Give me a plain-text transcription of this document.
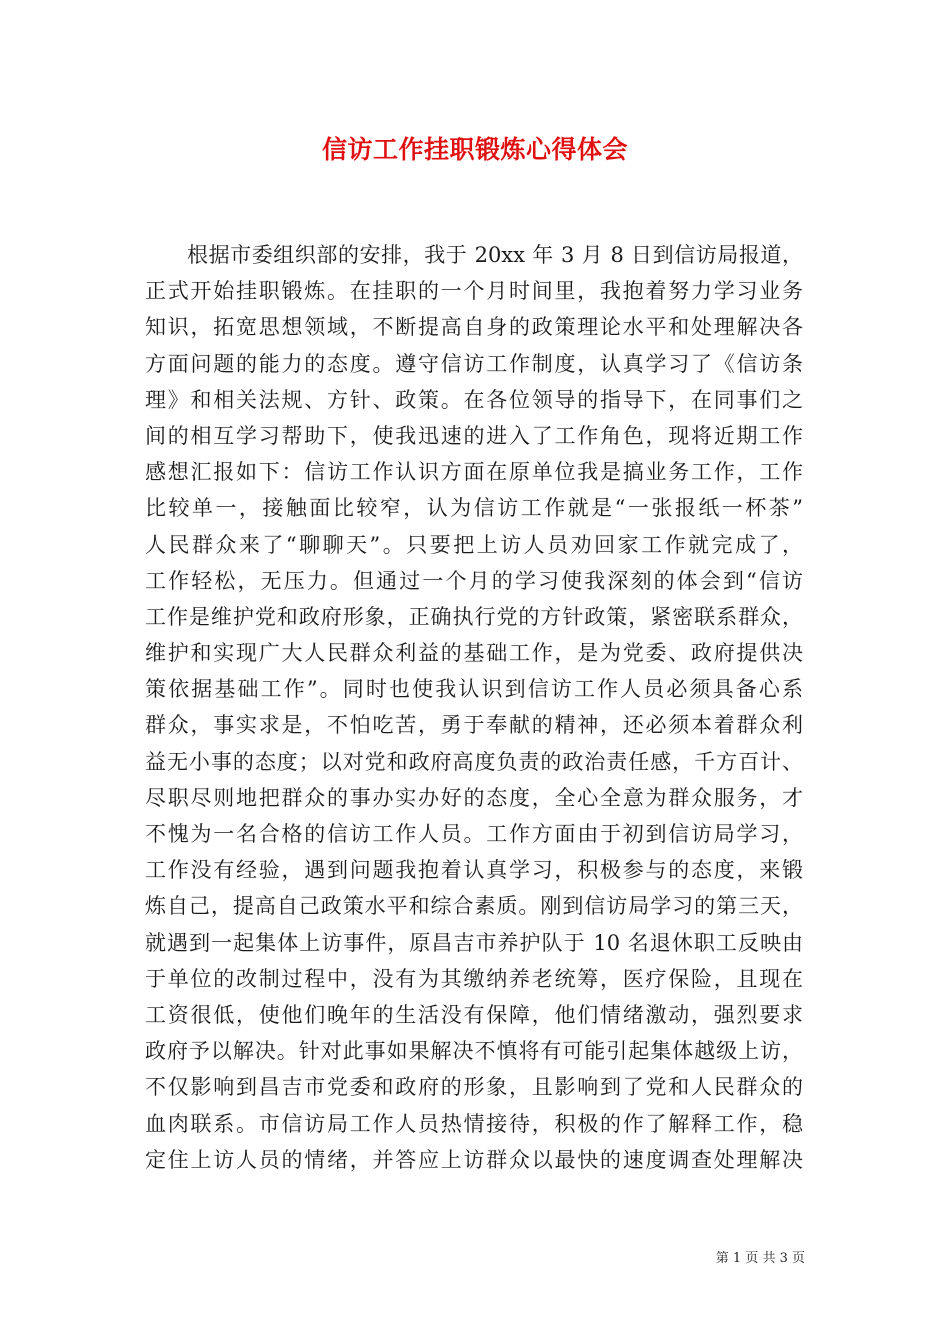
信访工作挂职锻炼心得体会
根据市委组织部的安排，我于 20xx 年 3 月 8 日到信访局报道，
正式开始挂职锻炼。在挂职的一个月时间里，我抱着努力学习业务
知识，拓宽思想领域，不断提高自身的政策理论水平和处理解决各
方面问题的能力的态度。遵守信访工作制度，认真学习了《信访条
理》和相关法规、方针、政策。在各位领导的指导下，在同事们之
间的相互学习帮助下，使我迅速的进入了工作角色，现将近期工作
感想汇报如下：信访工作认识方面在原单位我是搞业务工作，工作
比较单一，接触面比较窄，认为信访工作就是“一张报纸一杯茶”
人民群众来了“聊聊天”。只要把上访人员劝回家工作就完成了，
工作轻松，无压力。但通过一个月的学习使我深刻的体会到“信访
工作是维护党和政府形象，正确执行党的方针政策，紧密联系群众，
维护和实现广大人民群众利益的基础工作，是为党委、政府提供决
策依据基础工作”。同时也使我认识到信访工作人员必须具备心系
群众，事实求是，不怕吃苦，勇于奉献的精神，还必须本着群众利
益无小事的态度；以对党和政府高度负责的政治责任感，千方百计、
尽职尽则地把群众的事办实办好的态度，全心全意为群众服务，才
不愧为一名合格的信访工作人员。工作方面由于初到信访局学习，
工作没有经验，遇到问题我抱着认真学习，积极参与的态度，来锻
炼自己，提高自己政策水平和综合素质。刚到信访局学习的第三天，
就遇到一起集体上访事件，原昌吉市养护队于 10 名退休职工反映由
于单位的改制过程中，没有为其缴纳养老统筹，医疗保险，且现在
工资很低，使他们晚年的生活没有保障，他们情绪激动，强烈要求
政府予以解决。针对此事如果解决不慎将有可能引起集体越级上访，
不仅影响到昌吉市党委和政府的形象，且影响到了党和人民群众的
血肉联系。市信访局工作人员热情接待，积极的作了解释工作，稳
定住上访人员的情绪，并答应上访群众以最快的速度调查处理解决
第 1 页 共 3 页
